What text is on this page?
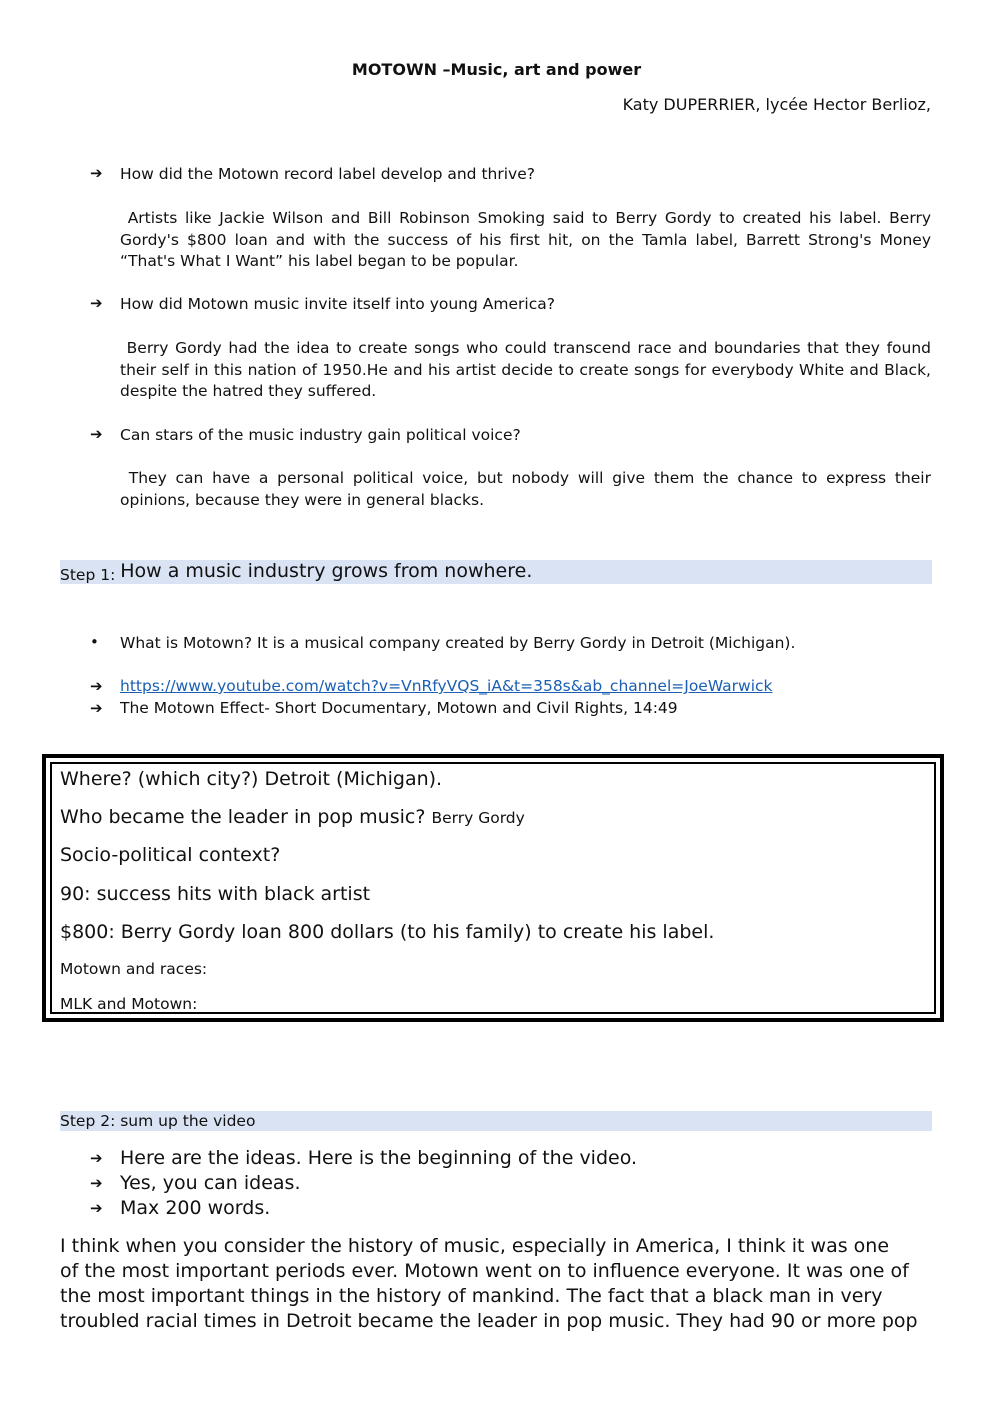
MOTOWN –Music, art and power
Katy DUPERRIER, lycée Hector Berlioz,
➔ How did the Motown record label develop and thrive?
Artists like Jackie Wilson and Bill Robinson Smoking said to Berry Gordy to created his label. Berry Gordy's $800 loan and with the success of his first hit, on the Tamla label, Barrett Strong's Money “That's What I Want” his label began to be popular.
➔ How did Motown music invite itself into young America?
Berry Gordy had the idea to create songs who could transcend race and boundaries that they found their self in this nation of 1950.He and his artist decide to create songs for everybody White and Black, despite the hatred they suffered.
➔ Can stars of the music industry gain political voice?
They can have a personal political voice, but nobody will give them the chance to express their opinions, because they were in general blacks.
Step 1: How a music industry grows from nowhere.
• What is Motown? It is a musical company created by Berry Gordy in Detroit (Michigan).
➔ https://www.youtube.com/watch?v=VnRfyVQS_iA&t=358s&ab_channel=JoeWarwick
➔ The Motown Effect- Short Documentary, Motown and Civil Rights, 14:49
Where? (which city?) Detroit (Michigan).
Who became the leader in pop music? Berry Gordy
Socio-political context?
90: success hits with black artist
$800: Berry Gordy loan 800 dollars (to his family) to create his label.
Motown and races:
MLK and Motown:
Step 2: sum up the video
➔ Here are the ideas. Here is the beginning of the video.
➔ Yes, you can ideas.
➔ Max 200 words.
I think when you consider the history of music, especially in America, I think it was one
of the most important periods ever. Motown went on to influence everyone. It was one of
the most important things in the history of mankind. The fact that a black man in very
troubled racial times in Detroit became the leader in pop music. They had 90 or more pop
